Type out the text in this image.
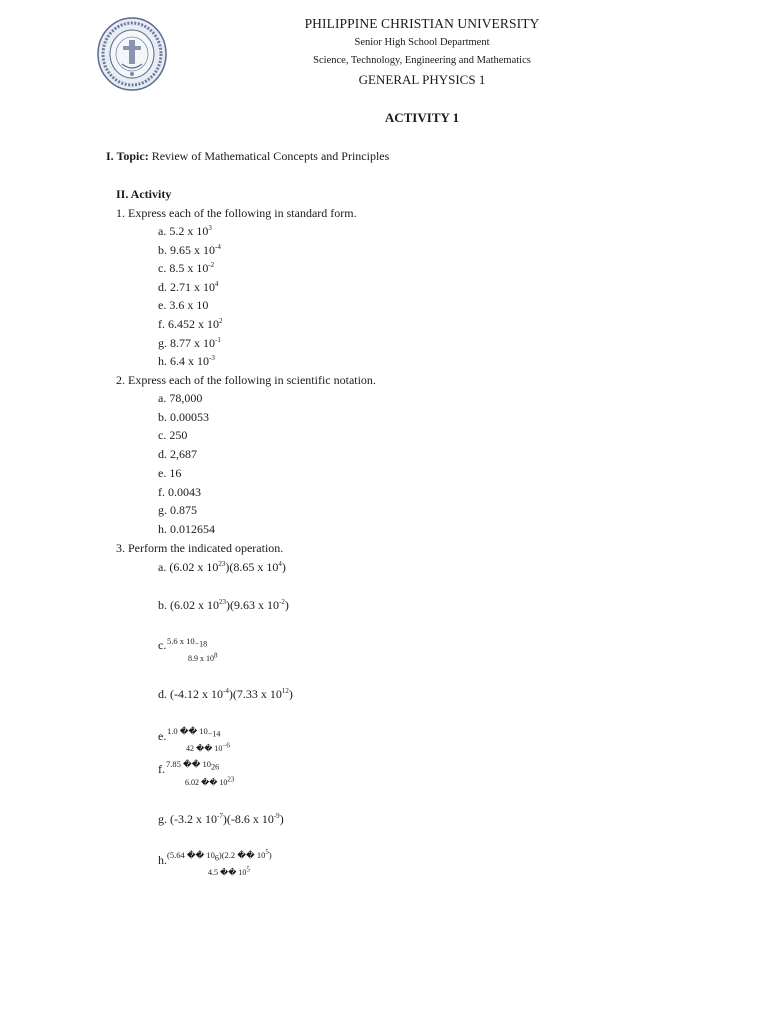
PHILIPPINE CHRISTIAN UNIVERSITY
Senior High School Department
Science, Technology, Engineering and Mathematics
GENERAL PHYSICS 1
ACTIVITY 1
I. Topic: Review of Mathematical Concepts and Principles
II. Activity
1. Express each of the following in standard form.
a. 5.2 x $10^3$
b. 9.65 x $10^{-4}$
c. 8.5 x $10^{-2}$
d. 2.71 x $10^4$
e. 3.6 x 10
f. 6.452 x $10^2$
g. 8.77 x $10^{-1}$
h. 6.4 x $10^{-3}$
2. Express each of the following in scientific notation.
a. 78,000
b. 0.00053
c. 250
d. 2,687
e. 16
f. 0.0043
g. 0.875
h. 0.012654
3. Perform the indicated operation.
a. (6.02 x $10^{23})(8.65$ x $10^4$)
b. (6.02 x $10^{23})(9.63$ x $10^{-2}$)
c. 5.6 x 10−18
8.9 x $10^8$
d. (-4.12 x $10^{-4})(7.33$ x $10^{12}$)
e. 1.0 �� 10−14
42 �� $10^{-6}$
f. 7.85 �� 1026
6.02 �� $10^{23}$
g. (-3.2 x $10^{-7})(-8.6$ x $10^{-9}$)
h. (5.64 �� 106)(2.2 �� $10^5$)
4.5 �� $10^5$
